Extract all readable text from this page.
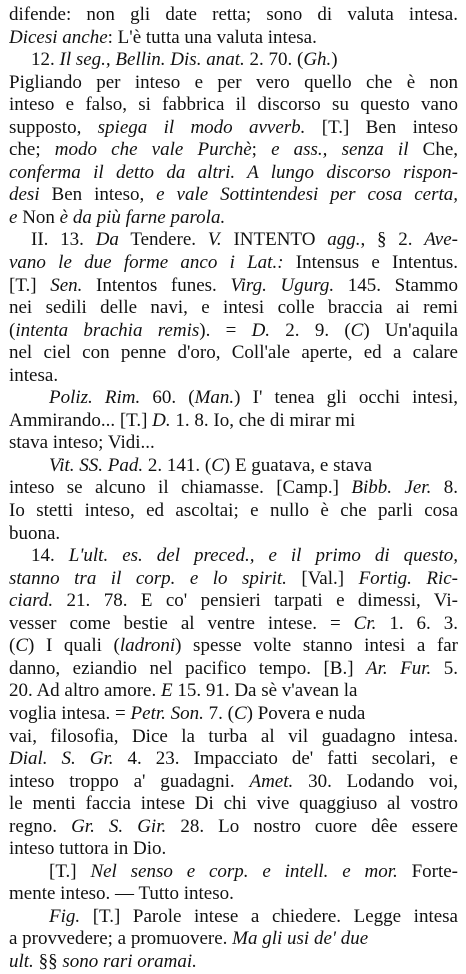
difende: non gli date retta; sono di valuta intesa.
Dicesi anche: L'è tutta una valuta intesa.
12. Il seg., Bellin. Dis. anat. 2. 70. (Gh.)
Pigliando per inteso e per vero quello che è non
inteso e falso, si fabbrica il discorso su questo vano
supposto, spiega il modo avverb. [T.] Ben inteso
che; modo che vale Purchè; e ass., senza il Che,
conferma il detto da altri. A lungo discorso rispon-
desi Ben inteso, e vale Sottintendesi per cosa certa,
e Non è da più farne parola.
II. 13. Da Tendere. V. INTENTO agg., § 2. Ave-
vano le due forme anco i Lat.: Intensus e Intentus.
[T.] Sen. Intentos funes. Virg. Ugurg. 145. Stammo
nei sedili delle navi, e intesi colle braccia ai remi
(intenta brachia remis). = D. 2. 9. (C) Un'aquila
nel ciel con penne d'oro, Coll'ale aperte, ed a calare
intesa.
Poliz. Rim. 60. (Man.) I' tenea gli occhi intesi,
Ammirando... [T.] D. 1. 8. Io, che di mirar mi
stava inteso; Vidi...
Vit. SS. Pad. 2. 141. (C) E guatava, e stava
inteso se alcuno il chiamasse. [Camp.] Bibb. Jer. 8.
Io stetti inteso, ed ascoltai; e nullo è che parli cosa
buona.
14. L'ult. es. del preced., e il primo di questo,
stanno tra il corp. e lo spirit. [Val.] Fortig. Ric-
ciard. 21. 78. E co' pensieri tarpati e dimessi, Vi-
vesser come bestie al ventre intese. = Cr. 1. 6. 3.
(C) I quali (ladroni) spesse volte stanno intesi a far
danno, eziandio nel pacifico tempo. [B.] Ar. Fur. 5.
20. Ad altro amore. E 15. 91. Da sè v'avean la
voglia intesa. = Petr. Son. 7. (C) Povera e nuda
vai, filosofia, Dice la turba al vil guadagno intesa.
Dial. S. Gr. 4. 23. Impacciato de' fatti secolari, e
inteso troppo a' guadagni. Amet. 30. Lodando voi,
le menti faccia intese Di chi vive quaggiuso al vostro
regno. Gr. S. Gir. 28. Lo nostro cuore dêe essere
inteso tuttora in Dio.
[T.] Nel senso e corp. e intell. e mor. Forte-
mente inteso. — Tutto inteso.
Fig. [T.] Parole intese a chiedere. Legge intesa
a provvedere; a promuovere. Ma gli usi de' due
ult. §§ sono rari oramai.
